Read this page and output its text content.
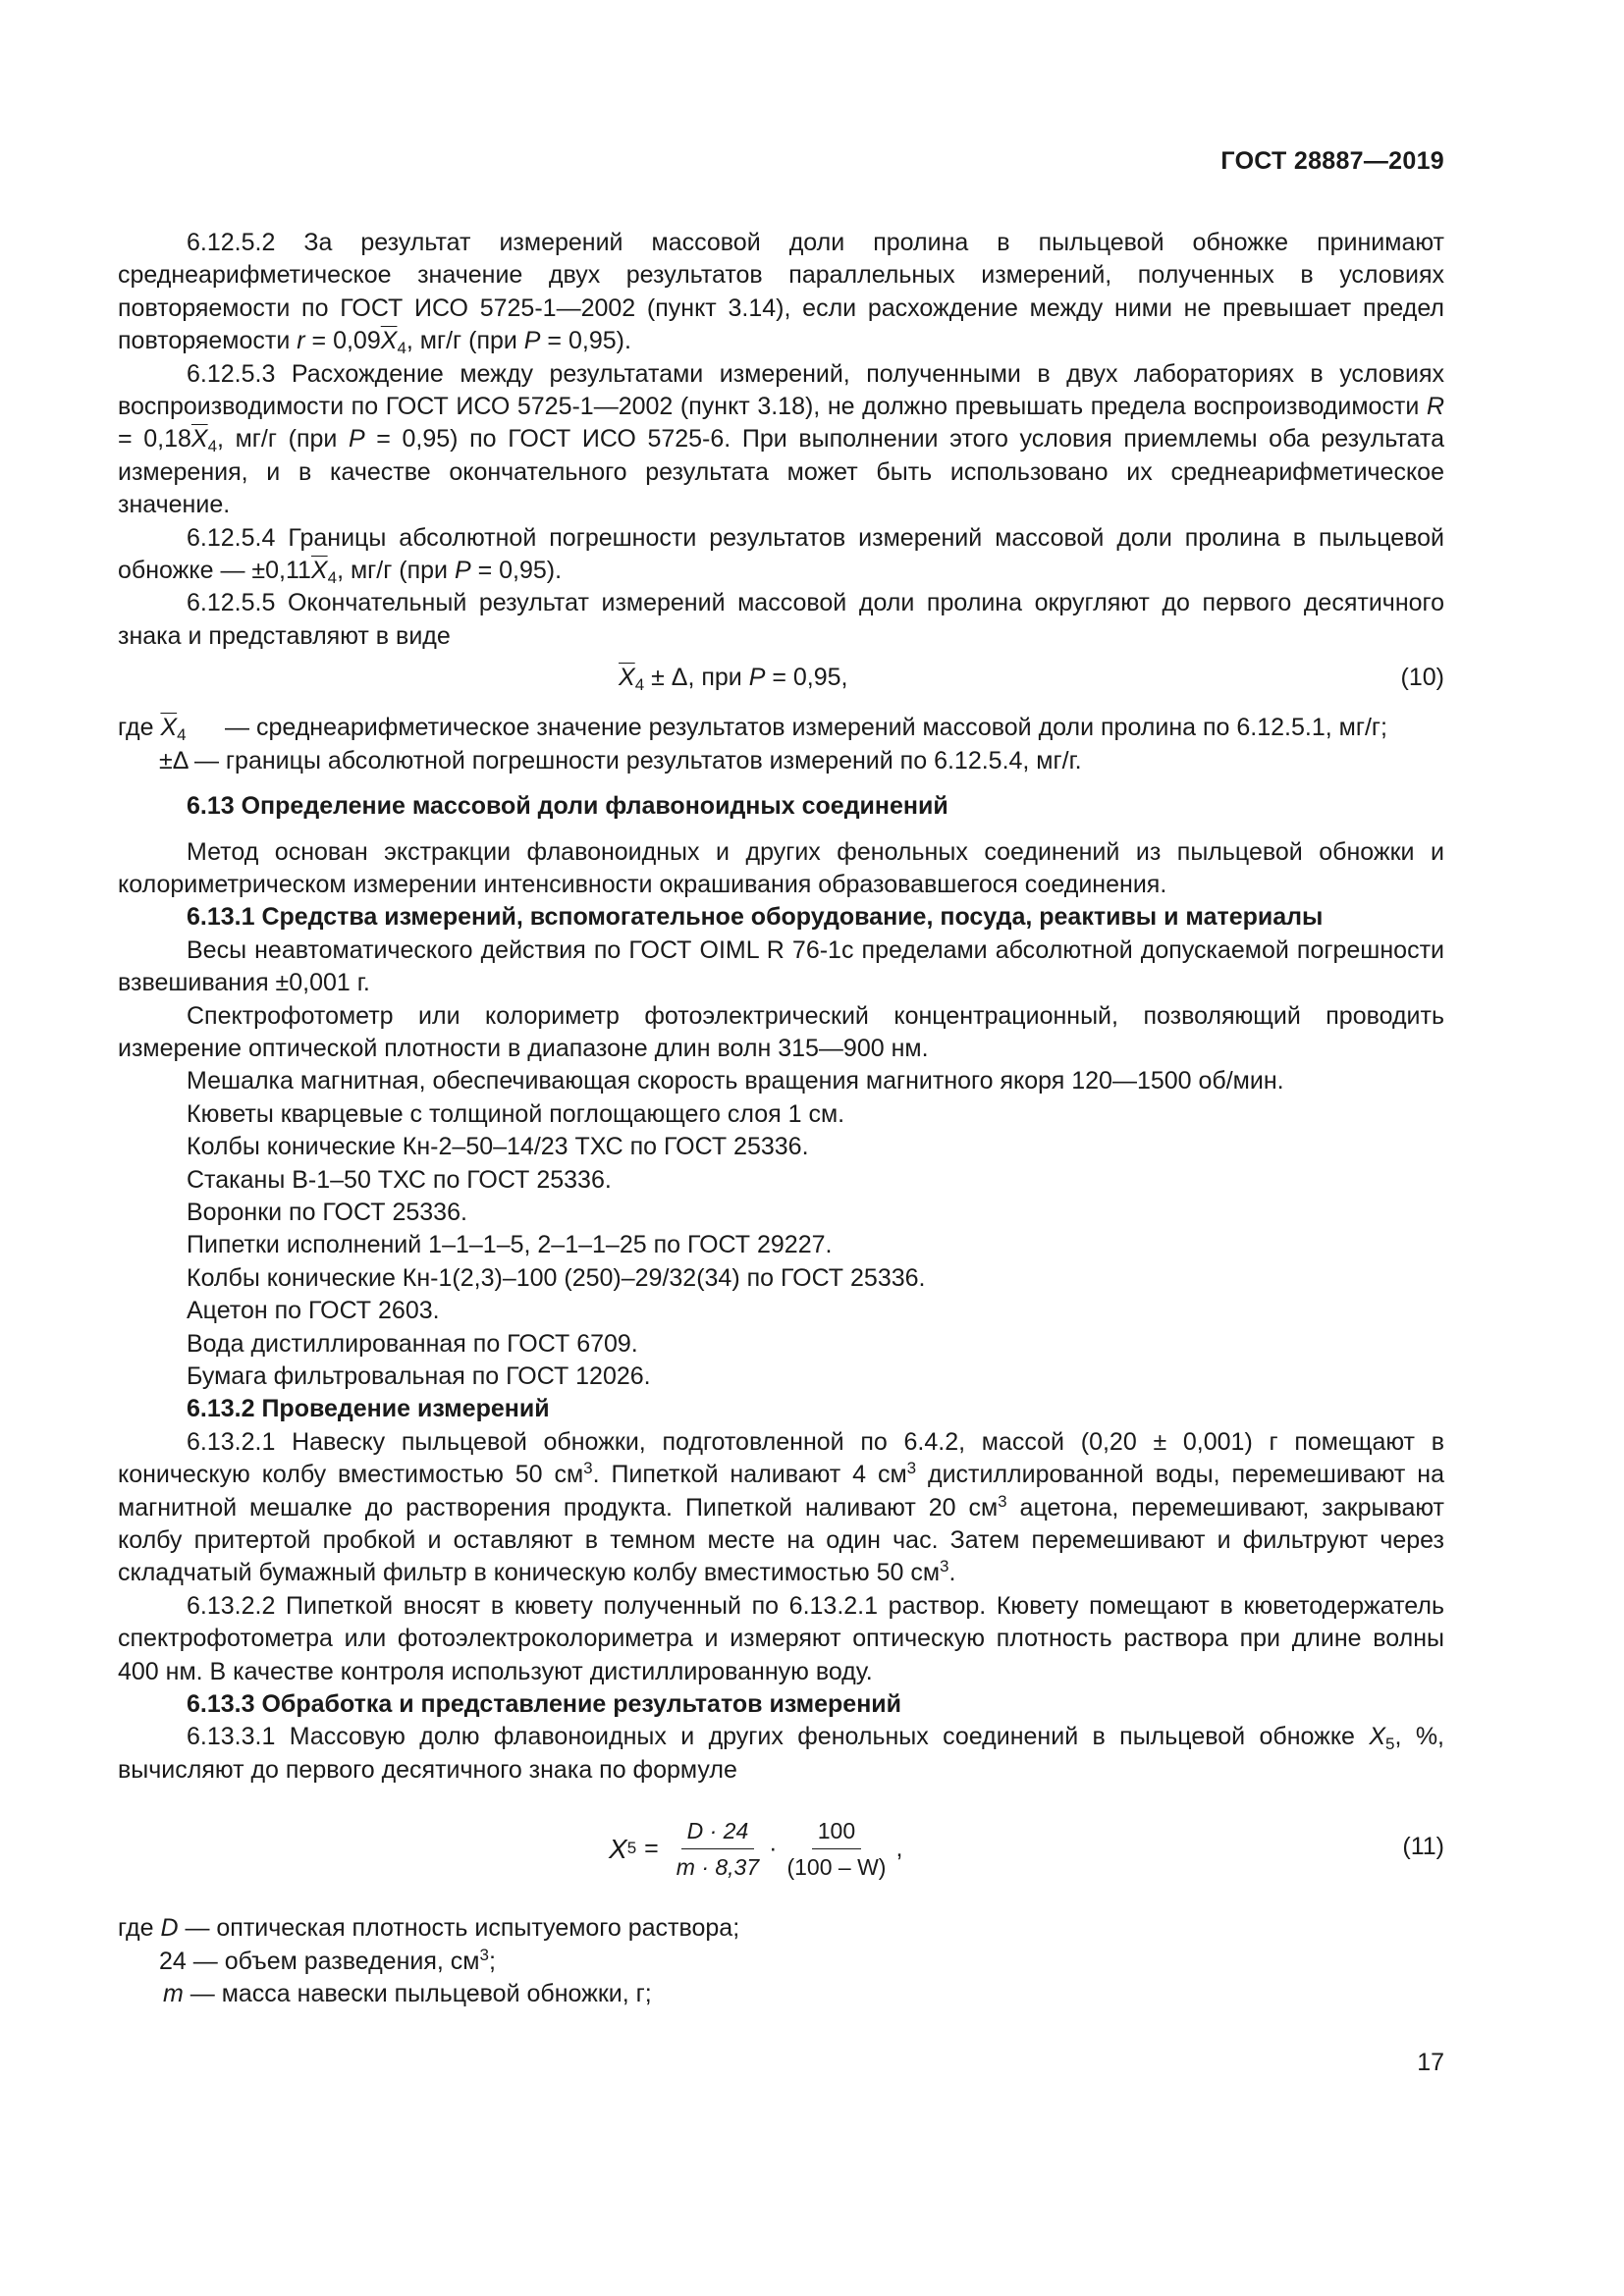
ГОСТ 28887—2019

6.12.5.2 За результат измерений массовой доли пролина в пыльцевой обножке принимают среднеарифметическое значение двух результатов параллельных измерений, полученных в условиях повторяемости по ГОСТ ИСО 5725-1—2002 (пункт 3.14), если расхождение между ними не превышает предел повторяемости $r = 0,09\overline{X}_4$, мг/г (при P = 0,95).

6.12.5.3 Расхождение между результатами измерений, полученными в двух лабораториях в условиях воспроизводимости по ГОСТ ИСО 5725-1—2002 (пункт 3.18), не должно превышать предела воспроизводимости $R = 0,18\overline{X}_4$, мг/г (при P = 0,95) по ГОСТ ИСО 5725-6. При выполнении этого условия приемлемы оба результата измерения, и в качестве окончательного результата может быть использовано их среднеарифметическое значение.

6.12.5.4 Границы абсолютной погрешности результатов измерений массовой доли пролина в пыльцевой обножке — $\pm 0,11\overline{X}_4$, мг/г (при P = 0,95).

6.12.5.5 Окончательный результат измерений массовой доли пролина округляют до первого десятичного знака и представляют в виде

$\overline{X}_4 \pm \Delta$, при P = 0,95,	(10)
где $\overline{X}_4$ — среднеарифметическое значение результатов измерений массовой доли пролина по 6.12.5.1, мг/г;

±Δ — границы абсолютной погрешности результатов измерений по 6.12.5.4, мг/г.

6.13 Определение массовой доли флавоноидных соединений

Метод основан экстракции флавоноидных и других фенольных соединений из пыльцевой обножки и колориметрическом измерении интенсивности окрашивания образовавшегося соединения.

6.13.1 Средства измерений, вспомогательное оборудование, посуда, реактивы и материалы

Весы неавтоматического действия по ГОСТ OIML R 76-1с пределами абсолютной допускаемой погрешности взвешивания ±0,001 г.

Спектрофотометр или колориметр фотоэлектрический концентрационный, позволяющий проводить измерение оптической плотности в диапазоне длин волн 315—900 нм.

Мешалка магнитная, обеспечивающая скорость вращения магнитного якоря 120—1500 об/мин.

Кюветы кварцевые с толщиной поглощающего слоя 1 см.

Колбы конические Кн-2–50–14/23 ТХС по ГОСТ 25336.

Стаканы В-1–50 ТХС по ГОСТ 25336.

Воронки по ГОСТ 25336.

Пипетки исполнений 1–1–1–5, 2–1–1–25 по ГОСТ 29227.

Колбы конические Кн-1(2,3)–100 (250)–29/32(34) по ГОСТ 25336.

Ацетон по ГОСТ 2603.

Вода дистиллированная по ГОСТ 6709.

Бумага фильтровальная по ГОСТ 12026.

6.13.2 Проведение измерений

6.13.2.1 Навеску пыльцевой обножки, подготовленной по 6.4.2, массой (0,20 ± 0,001) г помещают в коническую колбу вместимостью 50 $см^3$. Пипеткой наливают 4 $см^3$ дистиллированной воды, перемешивают на магнитной мешалке до растворения продукта. Пипеткой наливают 20 $см^3$ ацетона, перемешивают, закрывают колбу притертой пробкой и оставляют в темном месте на один час. Затем перемешивают и фильтруют через складчатый бумажный фильтр в коническую колбу вместимостью 50 $см^3$.

6.13.2.2 Пипеткой вносят в кювету полученный по 6.13.2.1 раствор. Кювету помещают в кюветодержатель спектрофотометра или фотоэлектроколориметра и измеряют оптическую плотность раствора при длине волны 400 нм. В качестве контроля используют дистиллированную воду.

6.13.3 Обработка и представление результатов измерений

6.13.3.1 Массовую долю флавоноидных и других фенольных соединений в пыльцевой обножке $X_5$, %, вычисляют до первого десятичного знака по формуле

X $5 = \frac{D \cdot 24}{m \cdot 8,37} \cdot \frac{100}{(100 - W)}$ ,	(11)

где D — оптическая плотность испытуемого раствора;

24 — объем разведения, $см^3$;

m — масса навески пыльцевой обножки, г;

17
